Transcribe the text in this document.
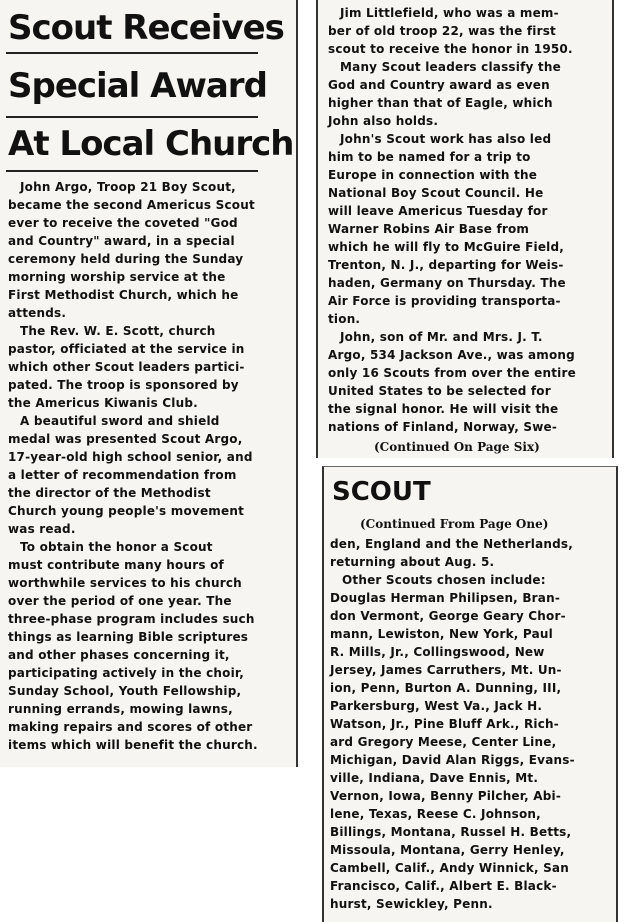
Scout Receives
Special Award
At Local Church
John Argo, Troop 21 Boy Scout,
became the second Americus Scout
ever to receive the coveted "God
and Country" award, in a special
ceremony held during the Sunday
morning worship service at the
First Methodist Church, which he
attends.
The Rev. W. E. Scott, church
pastor, officiated at the service in
which other Scout leaders partici-
pated. The troop is sponsored by
the Americus Kiwanis Club.
A beautiful sword and shield
medal was presented Scout Argo,
17-year-old high school senior, and
a letter of recommendation from
the director of the Methodist
Church young people's movement
was read.
To obtain the honor a Scout
must contribute many hours of
worthwhile services to his church
over the period of one year. The
three-phase program includes such
things as learning Bible scriptures
and other phases concerning it,
participating actively in the choir,
Sunday School, Youth Fellowship,
running errands, mowing lawns,
making repairs and scores of other
items which will benefit the church.
Jim Littlefield, who was a mem-
ber of old troop 22, was the first
scout to receive the honor in 1950.
Many Scout leaders classify the
God and Country award as even
higher than that of Eagle, which
John also holds.
John's Scout work has also led
him to be named for a trip to
Europe in connection with the
National Boy Scout Council. He
will leave Americus Tuesday for
Warner Robins Air Base from
which he will fly to McGuire Field,
Trenton, N. J., departing for Weis-
haden, Germany on Thursday. The
Air Force is providing transporta-
tion.
John, son of Mr. and Mrs. J. T.
Argo, 534 Jackson Ave., was among
only 16 Scouts from over the entire
United States to be selected for
the signal honor. He will visit the
nations of Finland, Norway, Swe-
(Continued On Page Six)
SCOUT
(Continued From Page One)
den, England and the Netherlands,
returning about Aug. 5.
Other Scouts chosen include:
Douglas Herman Philipsen, Bran-
don Vermont, George Geary Chor-
mann, Lewiston, New York, Paul
R. Mills, Jr., Collingswood, New
Jersey, James Carruthers, Mt. Un-
ion, Penn, Burton A. Dunning, III,
Parkersburg, West Va., Jack H.
Watson, Jr., Pine Bluff Ark., Rich-
ard Gregory Meese, Center Line,
Michigan, David Alan Riggs, Evans-
ville, Indiana, Dave Ennis, Mt.
Vernon, Iowa, Benny Pilcher, Abi-
lene, Texas, Reese C. Johnson,
Billings, Montana, Russel H. Betts,
Missoula, Montana, Gerry Henley,
Cambell, Calif., Andy Winnick, San
Francisco, Calif., Albert E. Black-
hurst, Sewickley, Penn.
